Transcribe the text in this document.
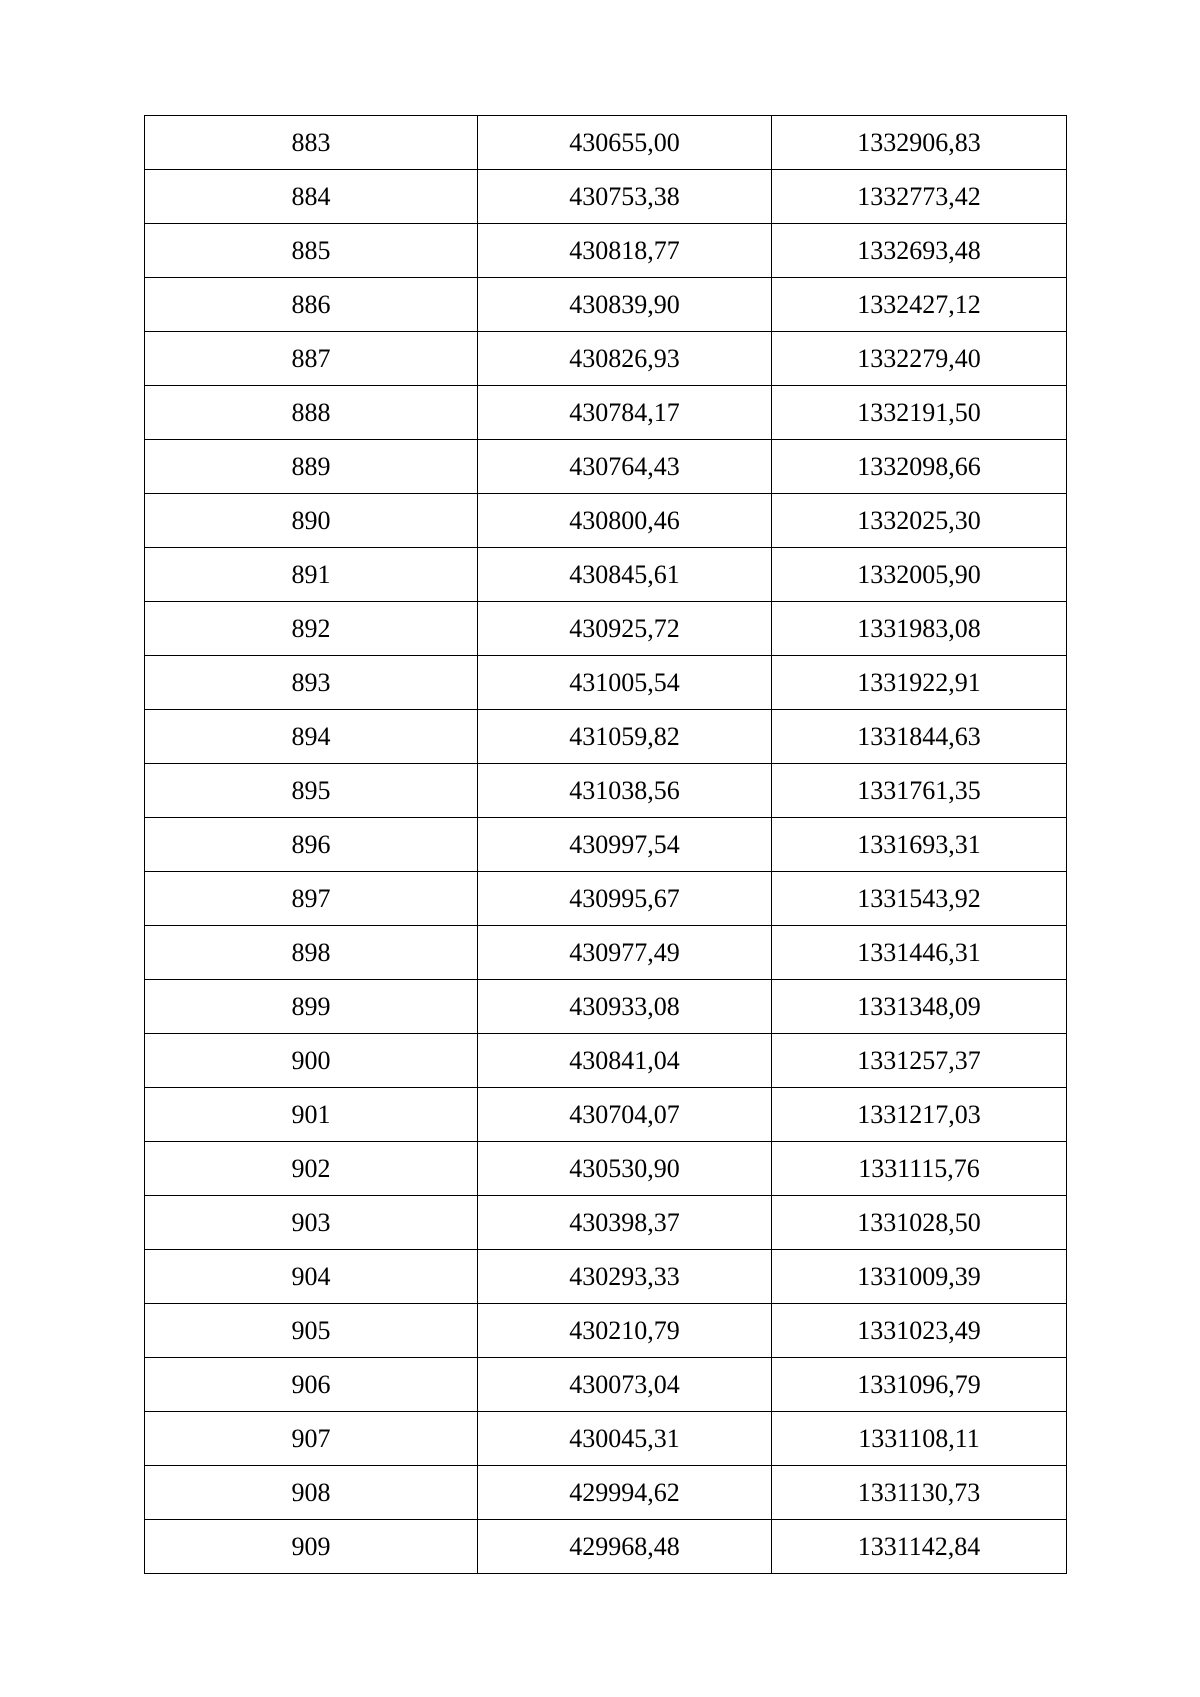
883	430655,00	1332906,83
884	430753,38	1332773,42
885	430818,77	1332693,48
886	430839,90	1332427,12
887	430826,93	1332279,40
888	430784,17	1332191,50
889	430764,43	1332098,66
890	430800,46	1332025,30
891	430845,61	1332005,90
892	430925,72	1331983,08
893	431005,54	1331922,91
894	431059,82	1331844,63
895	431038,56	1331761,35
896	430997,54	1331693,31
897	430995,67	1331543,92
898	430977,49	1331446,31
899	430933,08	1331348,09
900	430841,04	1331257,37
901	430704,07	1331217,03
902	430530,90	1331115,76
903	430398,37	1331028,50
904	430293,33	1331009,39
905	430210,79	1331023,49
906	430073,04	1331096,79
907	430045,31	1331108,11
908	429994,62	1331130,73
909	429968,48	1331142,84
